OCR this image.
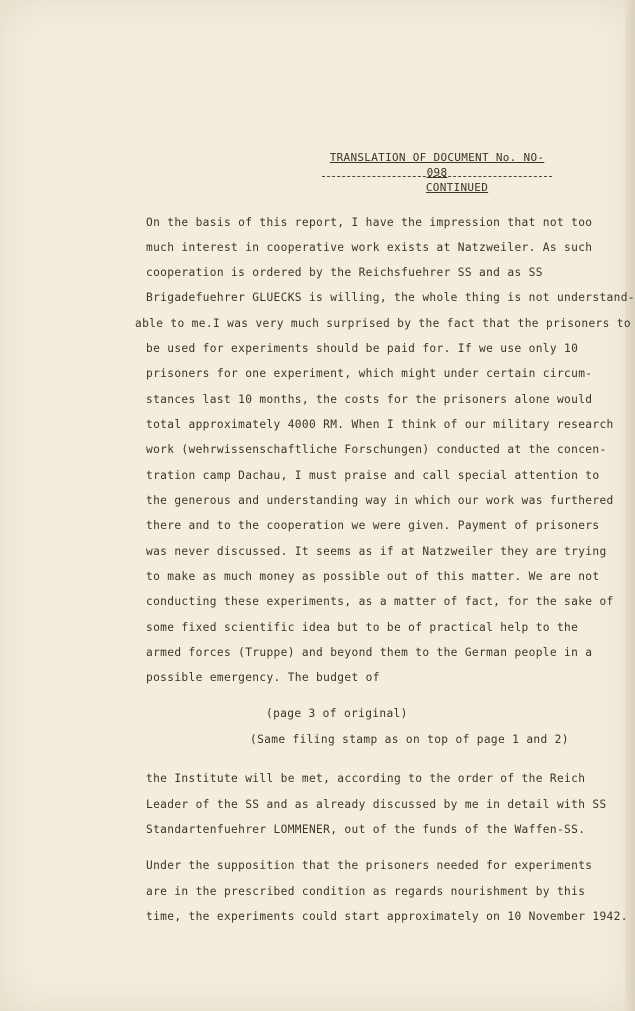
TRANSLATION OF DOCUMENT No. NO- 098
CONTINUED
On the basis of this report, I have the impression that not too
much interest in cooperative work exists at Natzweiler. As such
cooperation is ordered by the Reichsfuehrer SS and as SS
Brigadefuehrer GLUECKS is willing, the whole thing is not understand-
able to me.I was very much surprised by the fact that the prisoners to
be used for experiments should be paid for. If we use only 10
prisoners for one experiment, which might under certain circum-
stances last 10 months, the costs for the prisoners alone would
total approximately 4000 RM. When I think of our military research
work (wehrwissenschaftliche Forschungen) conducted at the concen-
tration camp Dachau, I must praise and call special attention to
the generous and understanding way in which our work was furthered
there and to the cooperation we were given. Payment of prisoners
was never discussed. It seems as if at Natzweiler they are trying
to make as much money as possible out of this matter. We are not
conducting these experiments, as a matter of fact, for the sake of
some fixed scientific idea but to be of practical help to the
armed forces (Truppe) and beyond them to the German people in a
possible emergency. The budget of
(page 3 of original)
(Same filing stamp as on top of page 1 and 2)
the Institute will be met, according to the order of the Reich
Leader of the SS and as already discussed by me in detail with SS
Standartenfuehrer LOMMENER, out of the funds of the Waffen-SS.
Under the supposition that the prisoners needed for experiments
are in the prescribed condition as regards nourishment by this
time, the experiments could start approximately on 10 November 1942.
